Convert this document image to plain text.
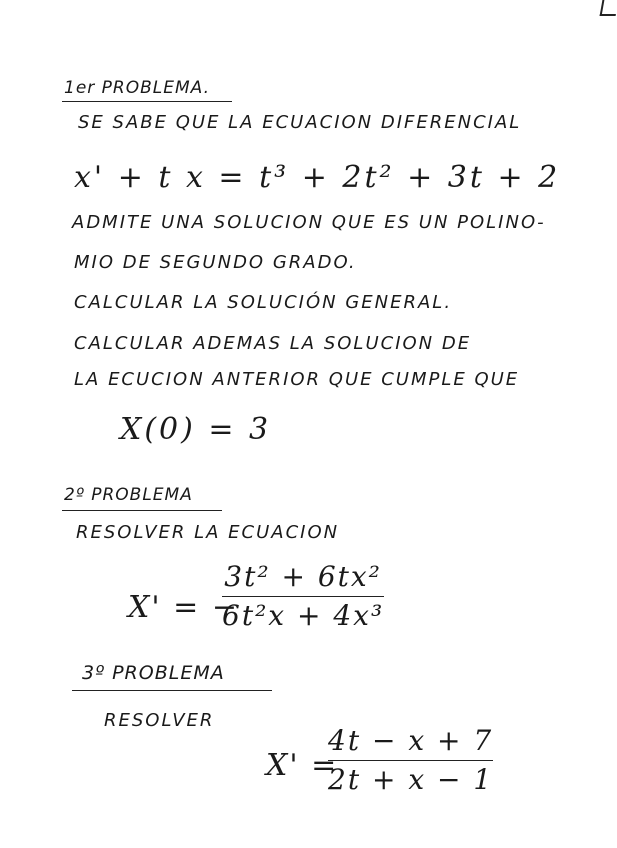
1er PROBLEMA.
SE SABE QUE LA ECUACION DIFERENCIAL
x' + t x = t³ + 2t² + 3t + 2
ADMITE UNA SOLUCION QUE ES UN POLINO-
MIO DE SEGUNDO GRADO.
CALCULAR LA SOLUCIÓN GENERAL.
CALCULAR ADEMAS LA SOLUCION DE
LA ECUCION ANTERIOR QUE CUMPLE QUE
X(0) = 3
2º PROBLEMA
RESOLVER LA ECUACION
X' = −
3t² + 6tx²
6t²x + 4x³
3º PROBLEMA
RESOLVER
X' =
4t − x + 7
2t + x − 1
